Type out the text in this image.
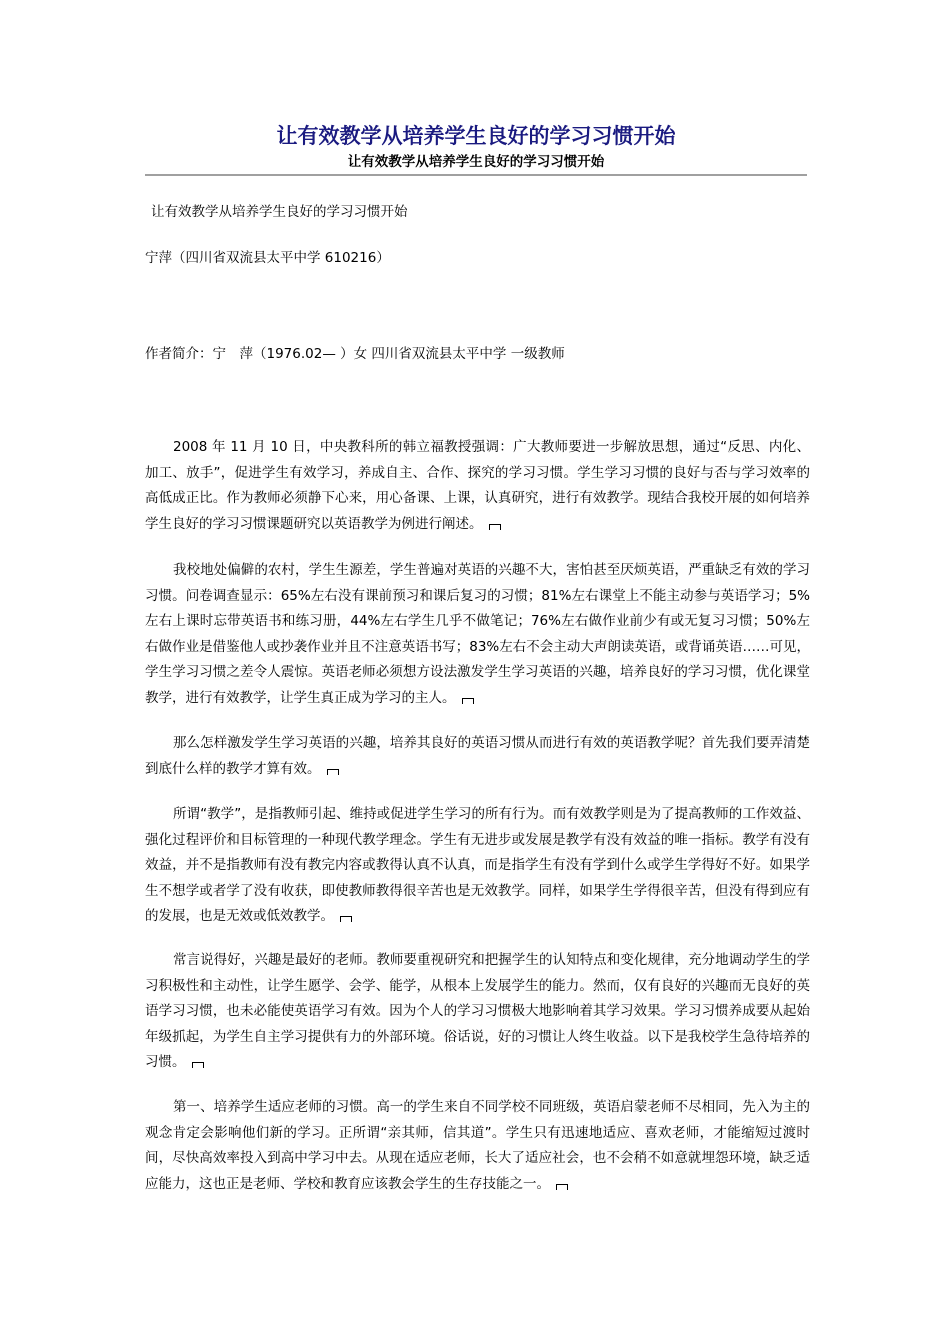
让有效教学从培养学生良好的学习习惯开始
让有效教学从培养学生良好的学习习惯开始
让有效教学从培养学生良好的学习习惯开始
宁萍（四川省双流县太平中学 610216）
作者简介：宁　萍（1976.02— ）女 四川省双流县太平中学 一级教师

2008 年 11 月 10 日，中央教科所的韩立福教授强调：广大教师要进一步解放思想，通过“反思、内化、加工、放手”，促进学生有效学习，养成自主、合作、探究的学习习惯。学生学习习惯的良好与否与学习效率的高低成正比。作为教师必须静下心来，用心备课、上课，认真研究，进行有效教学。现结合我校开展的如何培养学生良好的学习习惯课题研究以英语教学为例进行阐述。

我校地处偏僻的农村，学生生源差，学生普遍对英语的兴趣不大，害怕甚至厌烦英语，严重缺乏有效的学习习惯。问卷调查显示：65%左右没有课前预习和课后复习的习惯；81%左右课堂上不能主动参与英语学习；5%左右上课时忘带英语书和练习册，44%左右学生几乎不做笔记；76%左右做作业前少有或无复习习惯；50%左右做作业是借鉴他人或抄袭作业并且不注意英语书写；83%左右不会主动大声朗读英语，或背诵英语……可见，学生学习习惯之差令人震惊。英语老师必须想方设法激发学生学习英语的兴趣，培养良好的学习习惯，优化课堂教学，进行有效教学，让学生真正成为学习的主人。

那么怎样激发学生学习英语的兴趣，培养其良好的英语习惯从而进行有效的英语教学呢？首先我们要弄清楚到底什么样的教学才算有效。

所谓“教学”，是指教师引起、维持或促进学生学习的所有行为。而有效教学则是为了提高教师的工作效益、强化过程评价和目标管理的一种现代教学理念。学生有无进步或发展是教学有没有效益的唯一指标。教学有没有效益，并不是指教师有没有教完内容或教得认真不认真，而是指学生有没有学到什么或学生学得好不好。如果学生不想学或者学了没有收获，即使教师教得很辛苦也是无效教学。同样，如果学生学得很辛苦，但没有得到应有的发展，也是无效或低效教学。

常言说得好，兴趣是最好的老师。教师要重视研究和把握学生的认知特点和变化规律，充分地调动学生的学习积极性和主动性，让学生愿学、会学、能学，从根本上发展学生的能力。然而，仅有良好的兴趣而无良好的英语学习习惯，也未必能使英语学习有效。因为个人的学习习惯极大地影响着其学习效果。学习习惯养成要从起始年级抓起，为学生自主学习提供有力的外部环境。俗话说，好的习惯让人终生收益。以下是我校学生急待培养的习惯。

第一、培养学生适应老师的习惯。高一的学生来自不同学校不同班级，英语启蒙老师不尽相同，先入为主的观念肯定会影响他们新的学习。正所谓“亲其师，信其道”。学生只有迅速地适应、喜欢老师，才能缩短过渡时间，尽快高效率投入到高中学习中去。从现在适应老师，长大了适应社会，也不会稍不如意就埋怨环境，缺乏适应能力，这也正是老师、学校和教育应该教会学生的生存技能之一。
